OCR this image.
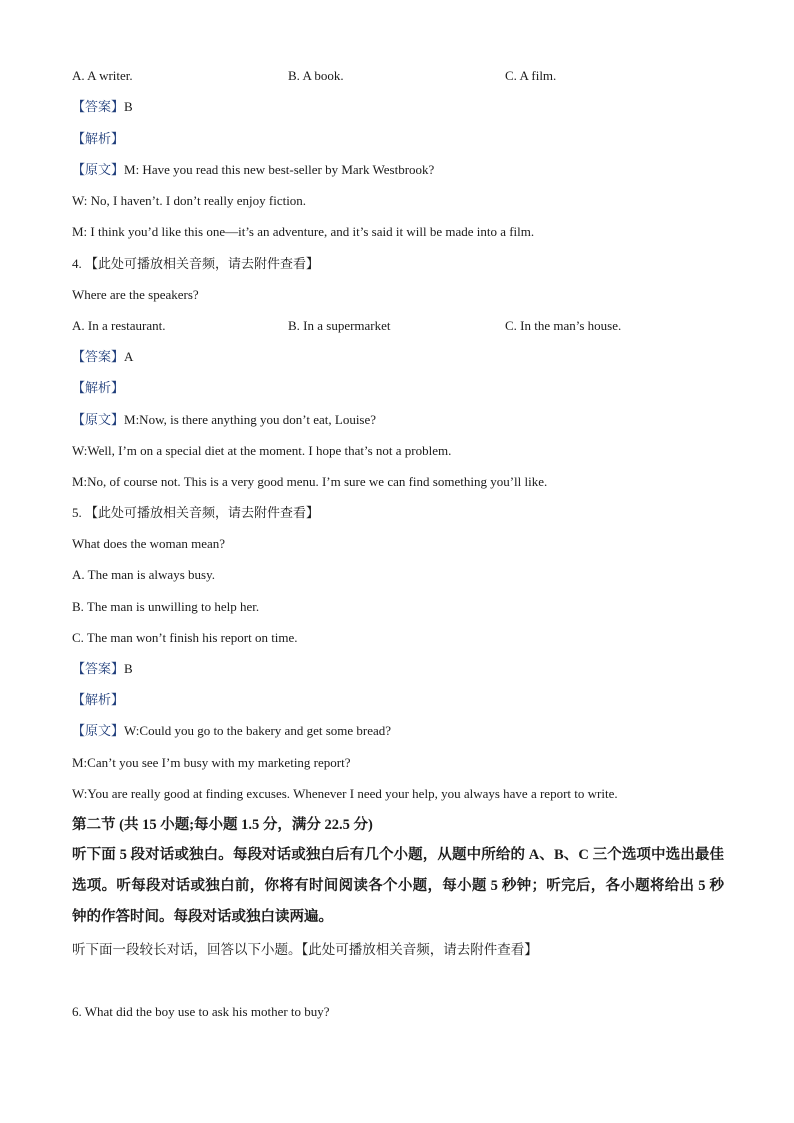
A. A writer.	B. A book.	C. A film.
【答案】B
【解析】
【原文】M: Have you read this new best-seller by Mark Westbrook?
W: No, I haven’t. I don’t really enjoy fiction.
M: I think you’d like this one—it’s an adventure, and it’s said it will be made into a film.
4. 【此处可播放相关音频，请去附件查看】
Where are the speakers?
A. In a restaurant.	B. In a supermarket	C. In the man’s house.
【答案】A
【解析】
【原文】M:Now, is there anything you don’t eat, Louise?
W:Well, I’m on a special diet at the moment. I hope that’s not a problem.
M:No, of course not. This is a very good menu. I’m sure we can find something you’ll like.
5. 【此处可播放相关音频，请去附件查看】
What does the woman mean?
A. The man is always busy.
B. The man is unwilling to help her.
C. The man won’t finish his report on time.
【答案】B
【解析】
【原文】W:Could you go to the bakery and get some bread?
M:Can’t you see I’m busy with my marketing report?
W:You are really good at finding excuses. Whenever I need your help, you always have a report to write.
第二节 (共 15 小题;每小题 1.5 分，满分 22.5 分)
听下面 5 段对话或独白。每段对话或独白后有几个小题，从题中所给的 A、B、C 三个选项中选出最佳选项。听每段对话或独白前，你将有时间阅读各个小题，每小题 5 秒钟；听完后，各小题将给出 5 秒钟的作答时间。每段对话或独白读两遍。
听下面一段较长对话，回答以下小题。【此处可播放相关音频，请去附件查看】
6. What did the boy use to ask his mother to buy?
